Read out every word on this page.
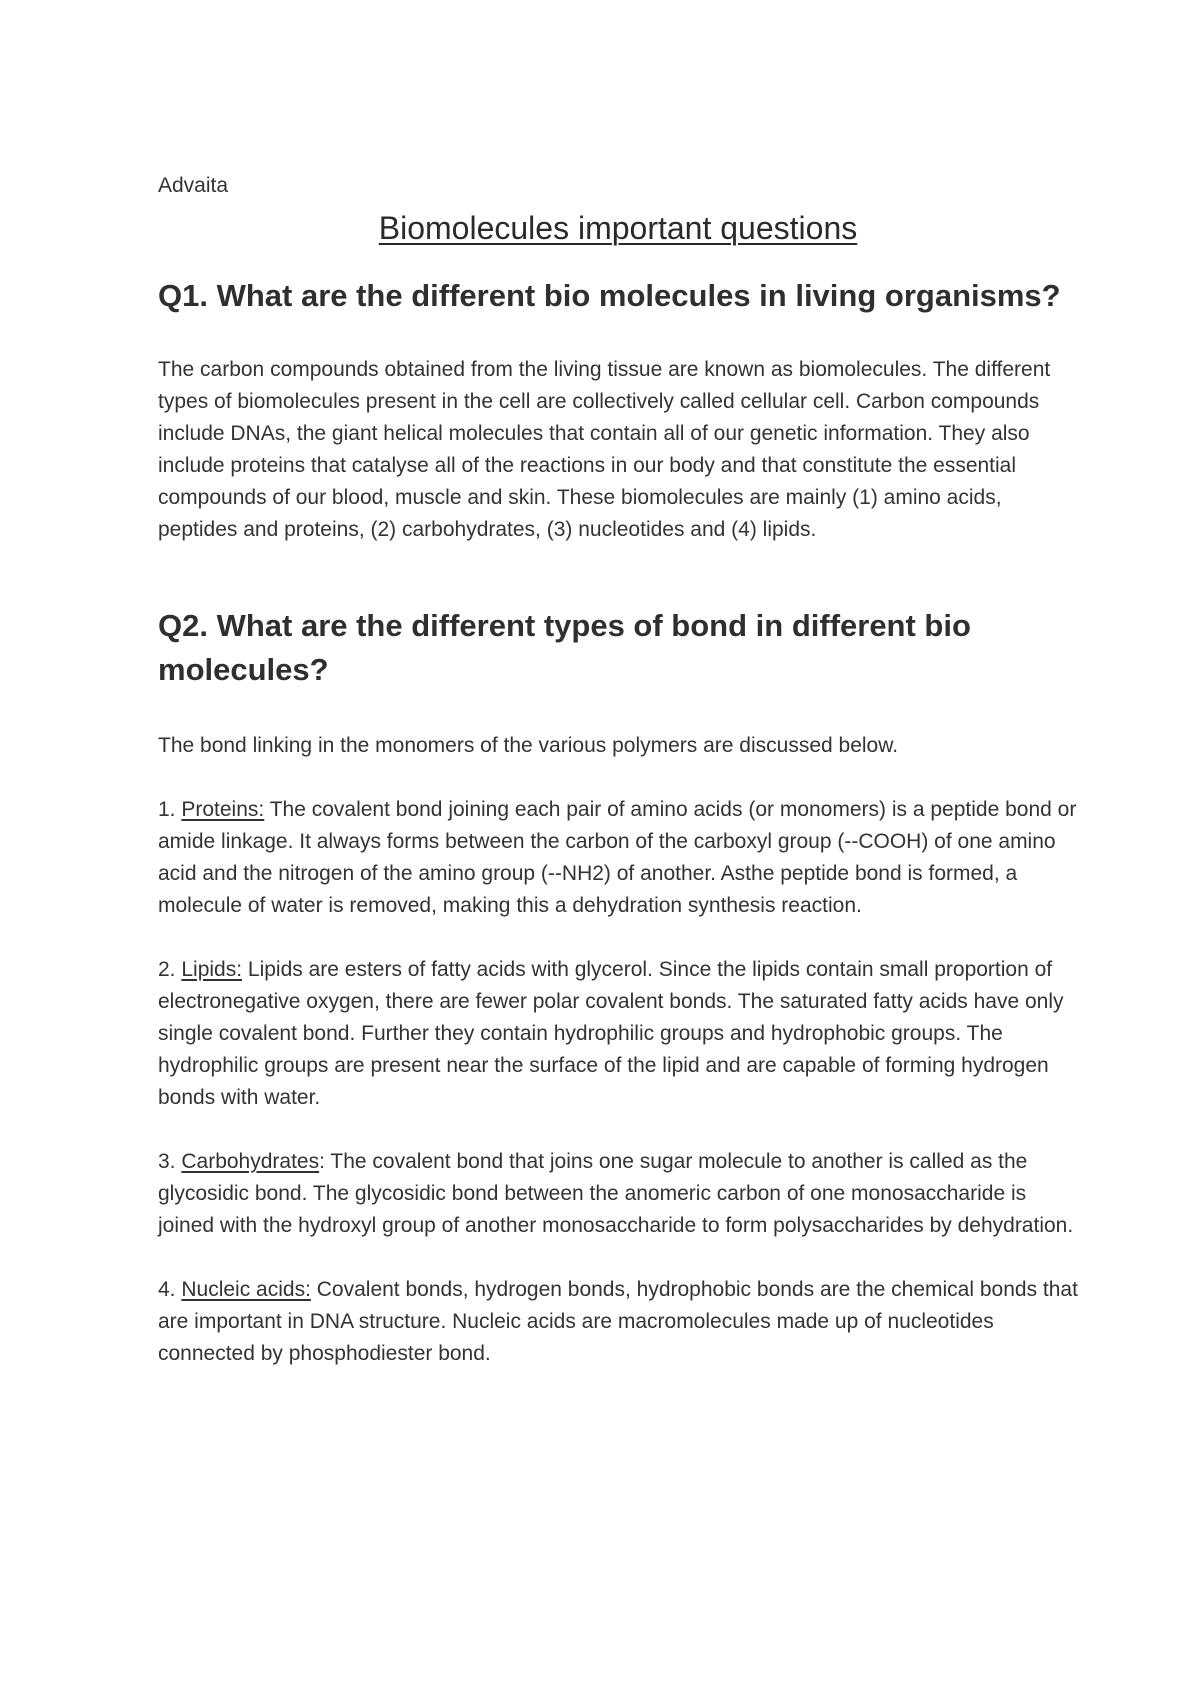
Advaita

Biomolecules important questions
Q1. What are the different bio molecules in living organisms?

The carbon compounds obtained from the living tissue are known as biomolecules. The different types of biomolecules present in the cell are collectively called cellular cell. Carbon compounds include DNAs, the giant helical molecules that contain all of our genetic information. They also include proteins that catalyse all of the reactions in our body and that constitute the essential compounds of our blood, muscle and skin. These biomolecules are mainly (1) amino acids, peptides and proteins, (2) carbohydrates, (3) nucleotides and (4) lipids.

Q2. What are the different types of bond in different bio molecules?

The bond linking in the monomers of the various polymers are discussed below.

1. Proteins: The covalent bond joining each pair of amino acids (or monomers) is a peptide bond or amide linkage. It always forms between the carbon of the carboxyl group (--COOH) of one amino acid and the nitrogen of the amino group (--NH2) of another. Asthe peptide bond is formed, a molecule of water is removed, making this a dehydration synthesis reaction.

2. Lipids: Lipids are esters of fatty acids with glycerol. Since the lipids contain small proportion of electronegative oxygen, there are fewer polar covalent bonds. The saturated fatty acids have only single covalent bond. Further they contain hydrophilic groups and hydrophobic groups. The hydrophilic groups are present near the surface of the lipid and are capable of forming hydrogen bonds with water.

3. Carbohydrates: The covalent bond that joins one sugar molecule to another is called as the glycosidic bond. The glycosidic bond between the anomeric carbon of one monosaccharide is joined with the hydroxyl group of another monosaccharide to form polysaccharides by dehydration.

4. Nucleic acids: Covalent bonds, hydrogen bonds, hydrophobic bonds are the chemical bonds that are important in DNA structure. Nucleic acids are macromolecules made up of nucleotides connected by phosphodiester bond.
